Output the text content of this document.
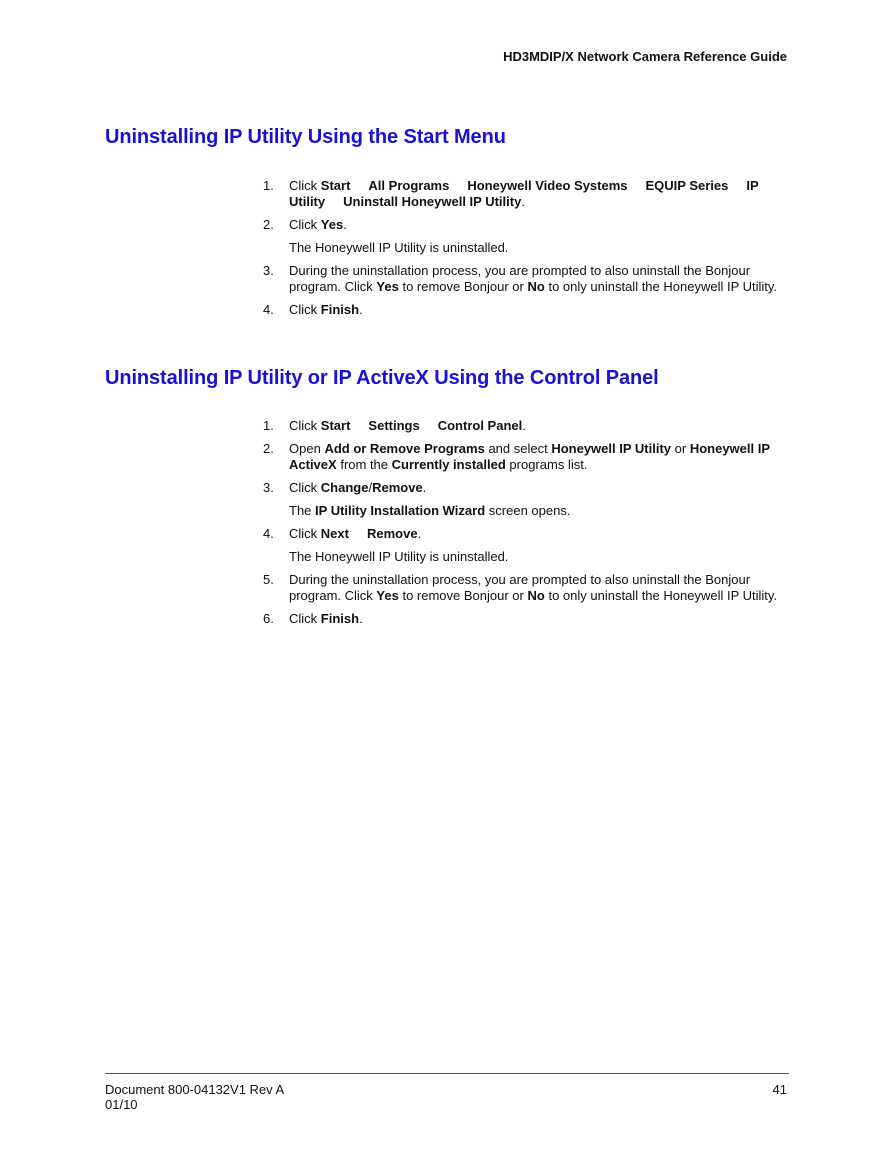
HD3MDIP/X Network Camera Reference Guide
Uninstalling IP Utility Using the Start Menu
1.	Click Start All Programs Honeywell Video Systems EQUIP Series IP Utility Uninstall Honeywell IP Utility.
2.	Click Yes.
The Honeywell IP Utility is uninstalled.
3.	During the uninstallation process, you are prompted to also uninstall the Bonjour program. Click Yes to remove Bonjour or No to only uninstall the Honeywell IP Utility.
4.	Click Finish.
Uninstalling IP Utility or IP ActiveX Using the Control Panel
1.	Click Start Settings Control Panel.
2.	Open Add or Remove Programs and select Honeywell IP Utility or Honeywell IP ActiveX from the Currently installed programs list.
3.	Click Change/Remove.
The IP Utility Installation Wizard screen opens.
4.	Click Next Remove.
The Honeywell IP Utility is uninstalled.
5.	During the uninstallation process, you are prompted to also uninstall the Bonjour program. Click Yes to remove Bonjour or No to only uninstall the Honeywell IP Utility.
6.	Click Finish.
Document 800-04132V1 Rev A
01/10
41
